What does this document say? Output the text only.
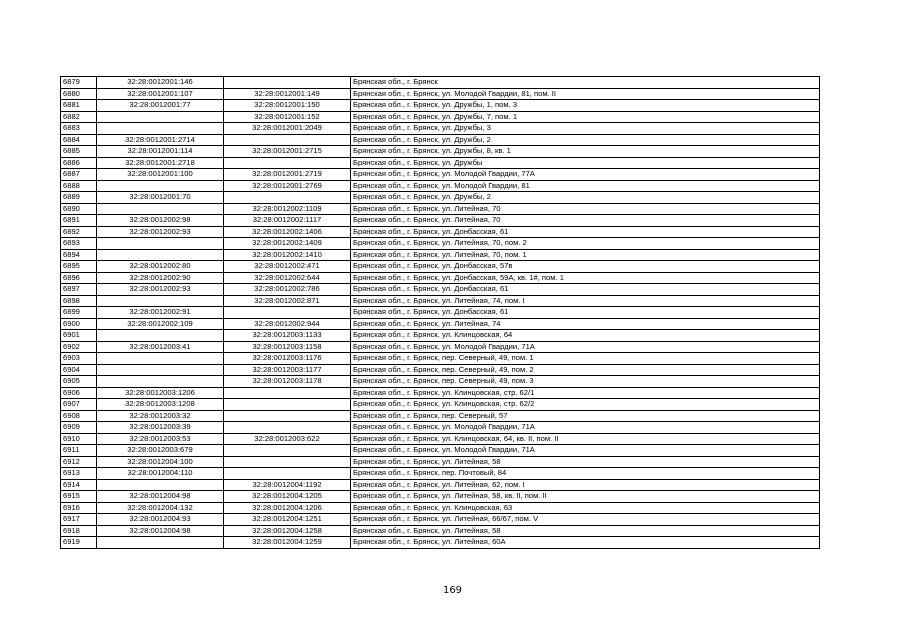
6879	32:28:0012001:146		Брянская обл., г. Брянск
6880	32:28:0012001:107	32:28:0012001:149	Брянская обл., г. Брянск, ул. Молодой Гвардии, 81, пом. II
6881	32:28:0012001:77	32:28:0012001:150	Брянская обл., г. Брянск, ул. Дружбы, 1, пом. 3
6882		32:28:0012001:152	Брянская обл., г. Брянск, ул. Дружбы, 7, пом. 1
6883		32:28:0012001:2049	Брянская обл., г. Брянск, ул. Дружбы, 3
6884	32:28:0012001:2714		Брянская обл., г. Брянск, ул. Дружбы, 2
6885	32:28:0012001:114	32:28:0012001:2715	Брянская обл., г. Брянск, ул. Дружбы, 8, кв. 1
6886	32:28:0012001:2718		Брянская обл., г. Брянск, ул. Дружбы
6887	32:28:0012001:100	32:28:0012001:2719	Брянская обл., г. Брянск, ул. Молодой Гвардии, 77А
6888		32:28:0012001:2769	Брянская обл., г. Брянск, ул. Молодой Гвардии, 81
6889	32:28:0012001:70		Брянская обл., г. Брянск, ул. Дружбы, 2
6890		32:28:0012002:1109	Брянская обл., г. Брянск, ул. Литейная, 70
6891	32:28:0012002:98	32:28:0012002:1117	Брянская обл., г. Брянск, ул. Литейная, 70
6892	32:28:0012002:93	32:28:0012002:1406	Брянская обл., г. Брянск, ул. Донбасская, 61
6893		32:28:0012002:1409	Брянская обл., г. Брянск, ул. Литейная, 70, пом. 2
6894		32:28:0012002:1410	Брянская обл., г. Брянск, ул. Литейная, 70, пом. 1
6895	32:28:0012002:80	32:28:0012002:471	Брянская обл., г. Брянск, ул. Донбасская, 57в
6896	32:28:0012002:90	32:28:0012002:644	Брянская обл., г. Брянск, ул. Донбасская, 59А, кв. 1#, пом. 1
6897	32:28:0012002:93	32:28:0012002:786	Брянская обл., г. Брянск, ул. Донбасская, 61
6898		32:28:0012002:871	Брянская обл., г. Брянск, ул. Литейная, 74, пом. I
6899	32:28:0012002:91		Брянская обл., г. Брянск, ул. Донбасская, 61
6900	32:28:0012002:109	32:28:0012002:944	Брянская обл., г. Брянск, ул. Литейная, 74
6901		32:28:0012003:1133	Брянская обл., г. Брянск, ул. Клинцовская, 64
6902	32:28:0012003:41	32:28:0012003:1158	Брянская обл., г. Брянск, ул. Молодой Гвардии, 71А
6903		32:28:0012003:1176	Брянская обл., г. Брянск, пер. Северный, 49, пом. 1
6904		32:28:0012003:1177	Брянская обл., г. Брянск, пер. Северный, 49, пом. 2
6905		32:28:0012003:1178	Брянская обл., г. Брянск, пер. Северный, 49, пом. 3
6906	32:28:0012003:1206		Брянская обл., г. Брянск, ул. Клинцовская, стр. 62/1
6907	32:28:0012003:1208		Брянская обл., г. Брянск, ул. Клинцовская, стр. 62/2
6908	32:28:0012003:32		Брянская обл., г. Брянск, пер. Северный, 57
6909	32:28:0012003:39		Брянская обл., г. Брянск, ул. Молодой Гвардии, 71А
6910	32:28:0012003:53	32:28:0012003:622	Брянская обл., г. Брянск, ул. Клинцовская, 64, кв. II, пом. II
6911	32:28:0012003:679		Брянская обл., г. Брянск, ул. Молодой Гвардии, 71А
6912	32:28:0012004:100		Брянская обл., г. Брянск, ул. Литейная, 58
6913	32:28:0012004:110		Брянская обл., г. Брянск, пер. Почтовый, 84
6914		32:28:0012004:1192	Брянская обл., г. Брянск, ул. Литейная, 62, пом. I
6915	32:28:0012004:98	32:28:0012004:1205	Брянская обл., г. Брянск, ул. Литейная, 58, кв. II, пом. II
6916	32:28:0012004:132	32:28:0012004:1206	Брянская обл., г. Брянск, ул. Клинцовская, 63
6917	32:28:0012004:93	32:28:0012004:1251	Брянская обл., г. Брянск, ул. Литейная, 66/67, пом. V
6918	32:28:0012004:98	32:28:0012004:1258	Брянская обл., г. Брянск, ул. Литейная, 58
6919		32:28:0012004:1259	Брянская обл., г. Брянск, ул. Литейная, 60А
169
